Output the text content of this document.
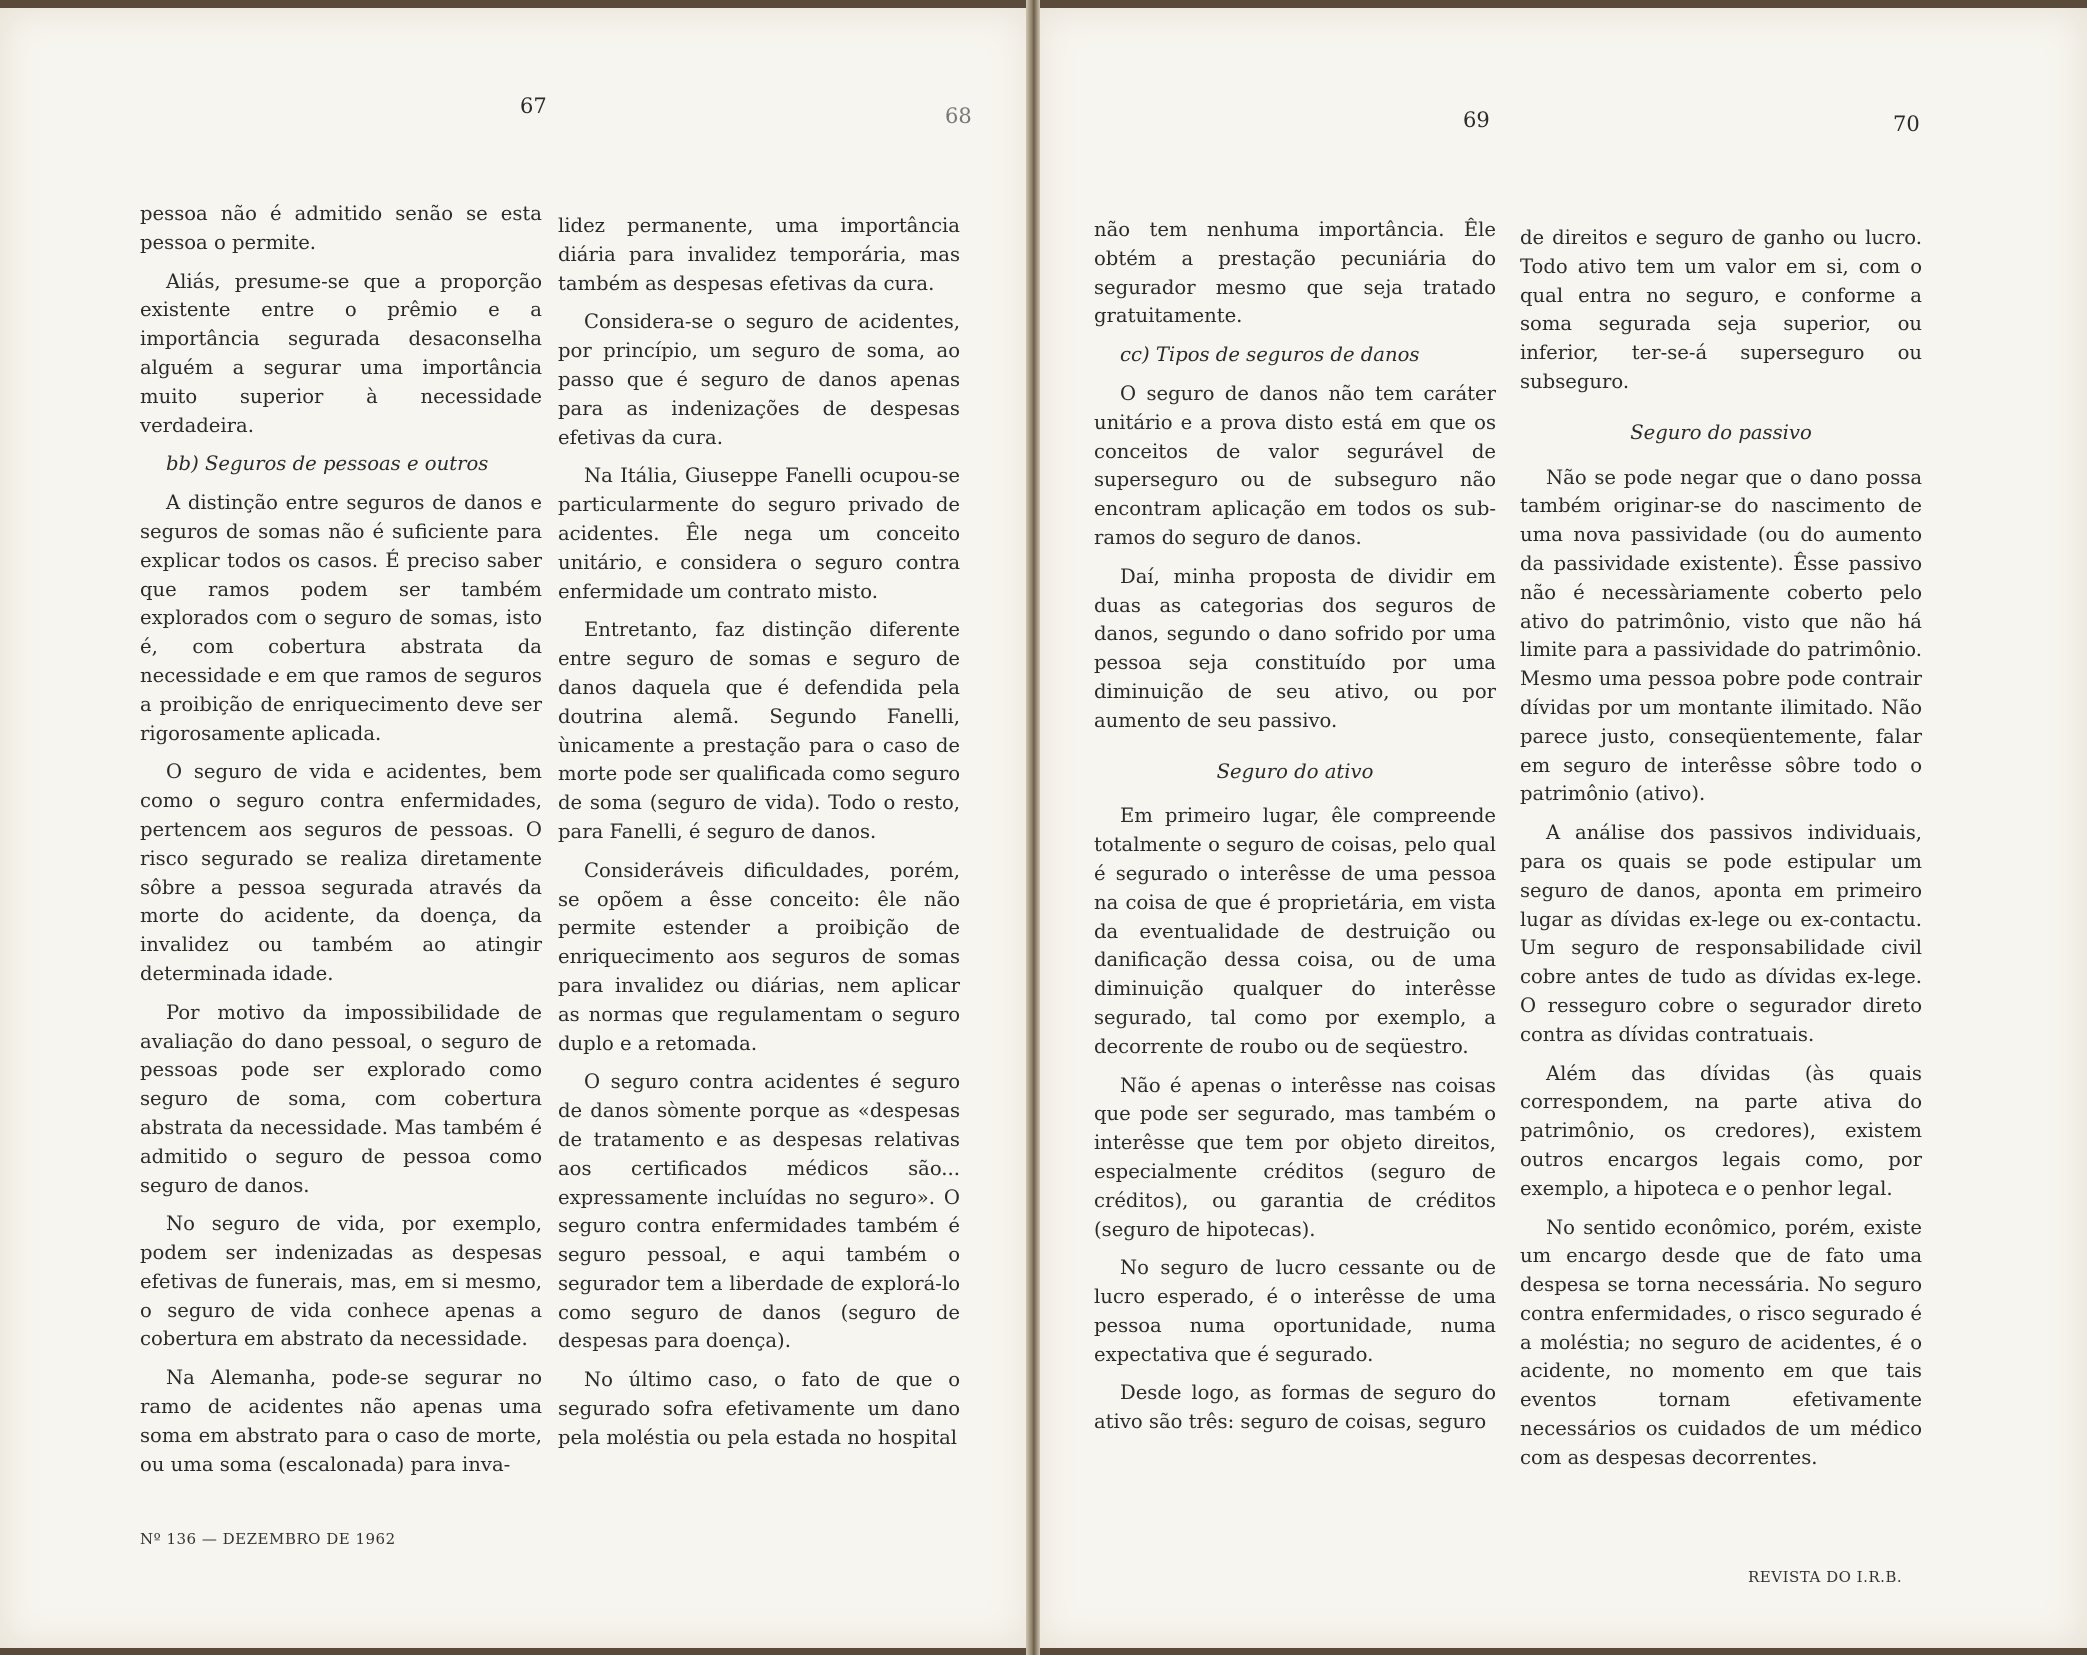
67	68	69	70

pessoa não é admitido senão se esta pessoa o permite.

Aliás, presume-se que a proporção existente entre o prêmio e a importância segurada desaconselha alguém a segurar uma importância muito superior à necessidade verdadeira.

bb) Seguros de pessoas e outros

A distinção entre seguros de danos e seguros de somas não é suficiente para explicar todos os casos. É preciso saber que ramos podem ser também explorados com o seguro de somas, isto é, com cobertura abstrata da necessidade e em que ramos de seguros a proibição de enriquecimento deve ser rigorosamente aplicada.

O seguro de vida e acidentes, bem como o seguro contra enfermidades, pertencem aos seguros de pessoas. O risco segurado se realiza diretamente sôbre a pessoa segurada através da morte do acidente, da doença, da invalidez ou também ao atingir determinada idade.

Por motivo da impossibilidade de avaliação do dano pessoal, o seguro de pessoas pode ser explorado como seguro de soma, com cobertura abstrata da necessidade. Mas também é admitido o seguro de pessoa como seguro de danos.

No seguro de vida, por exemplo, podem ser indenizadas as despesas efetivas de funerais, mas, em si mesmo, o seguro de vida conhece apenas a cobertura em abstrato da necessidade.

Na Alemanha, pode-se segurar no ramo de acidentes não apenas uma soma em abstrato para o caso de morte, ou uma soma (escalonada) para inva-

lidez permanente, uma importância diária para invalidez temporária, mas também as despesas efetivas da cura.

Considera-se o seguro de acidentes, por princípio, um seguro de soma, ao passo que é seguro de danos apenas para as indenizações de despesas efetivas da cura.

Na Itália, Giuseppe Fanelli ocupou-se particularmente do seguro privado de acidentes. Êle nega um conceito unitário, e considera o seguro contra enfermidade um contrato misto.

Entretanto, faz distinção diferente entre seguro de somas e seguro de danos daquela que é defendida pela doutrina alemã. Segundo Fanelli, ùnicamente a prestação para o caso de morte pode ser qualificada como seguro de soma (seguro de vida). Todo o resto, para Fanelli, é seguro de danos.

Consideráveis dificuldades, porém, se opõem a êsse conceito: êle não permite estender a proibição de enriquecimento aos seguros de somas para invalidez ou diárias, nem aplicar as normas que regulamentam o seguro duplo e a retomada.

O seguro contra acidentes é seguro de danos sòmente porque as «despesas de tratamento e as despesas relativas aos certificados médicos são... expressamente incluídas no seguro». O seguro contra enfermidades também é seguro pessoal, e aqui também o segurador tem a liberdade de explorá-lo como seguro de danos (seguro de despesas para doença).

No último caso, o fato de que o segurado sofra efetivamente um dano pela moléstia ou pela estada no hospital

não tem nenhuma importância. Êle obtém a prestação pecuniária do segurador mesmo que seja tratado gratuitamente.

cc) Tipos de seguros de danos

O seguro de danos não tem caráter unitário e a prova disto está em que os conceitos de valor segurável de superseguro ou de subseguro não encontram aplicação em todos os sub-ramos do seguro de danos.

Daí, minha proposta de dividir em duas as categorias dos seguros de danos, segundo o dano sofrido por uma pessoa seja constituído por uma diminuição de seu ativo, ou por aumento de seu passivo.

Seguro do ativo

Em primeiro lugar, êle compreende totalmente o seguro de coisas, pelo qual é segurado o interêsse de uma pessoa na coisa de que é proprietária, em vista da eventualidade de destruição ou danificação dessa coisa, ou de uma diminuição qualquer do interêsse segurado, tal como por exemplo, a decorrente de roubo ou de seqüestro.

Não é apenas o interêsse nas coisas que pode ser segurado, mas também o interêsse que tem por objeto direitos, especialmente créditos (seguro de créditos), ou garantia de créditos (seguro de hipotecas).

No seguro de lucro cessante ou de lucro esperado, é o interêsse de uma pessoa numa oportunidade, numa expectativa que é segurado.

Desde logo, as formas de seguro do ativo são três: seguro de coisas, seguro

de direitos e seguro de ganho ou lucro. Todo ativo tem um valor em si, com o qual entra no seguro, e conforme a soma segurada seja superior, ou inferior, ter-se-á superseguro ou subseguro.

Seguro do passivo

Não se pode negar que o dano possa também originar-se do nascimento de uma nova passividade (ou do aumento da passividade existente). Êsse passivo não é necessàriamente coberto pelo ativo do patrimônio, visto que não há limite para a passividade do patrimônio. Mesmo uma pessoa pobre pode contrair dívidas por um montante ilimitado. Não parece justo, conseqüentemente, falar em seguro de interêsse sôbre todo o patrimônio (ativo).

A análise dos passivos individuais, para os quais se pode estipular um seguro de danos, aponta em primeiro lugar as dívidas ex-lege ou ex-contactu. Um seguro de responsabilidade civil cobre antes de tudo as dívidas ex-lege. O resseguro cobre o segurador direto contra as dívidas contratuais.

Além das dívidas (às quais correspondem, na parte ativa do patrimônio, os credores), existem outros encargos legais como, por exemplo, a hipoteca e o penhor legal.

No sentido econômico, porém, existe um encargo desde que de fato uma despesa se torna necessária. No seguro contra enfermidades, o risco segurado é a moléstia; no seguro de acidentes, é o acidente, no momento em que tais eventos tornam efetivamente necessários os cuidados de um médico com as despesas decorrentes.

Nº 136 — DEZEMBRO DE 1962
REVISTA DO I.R.B.
